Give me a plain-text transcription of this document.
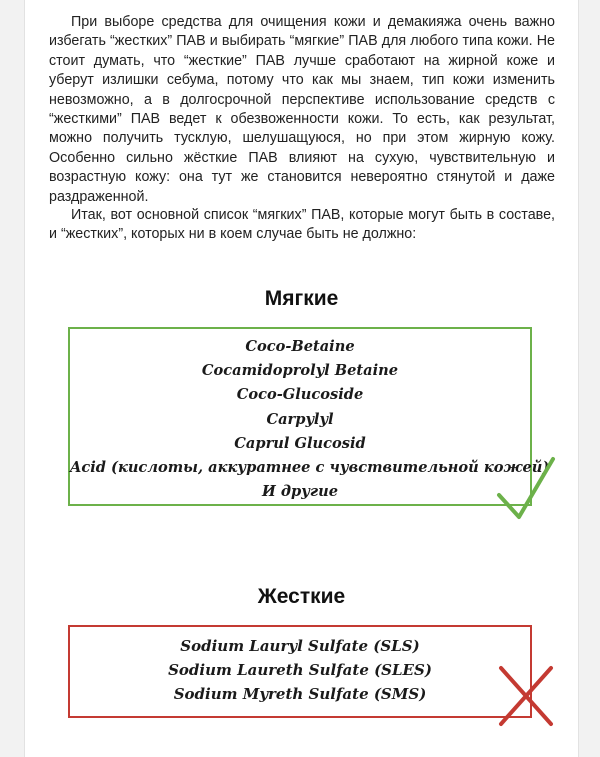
При выборе средства для очищения кожи и демакияжа очень важно избегать “жестких” ПАВ и выбирать “мягкие” ПАВ для любого типа кожи. Не стоит думать, что “жесткие” ПАВ лучше сработают на жирной коже и уберут излишки себума, потому что как мы знаем, тип кожи изменить невозможно, а в долгосрочной перспективе использование средств с “жесткими” ПАВ ведет к обезвоженности кожи. То есть, как результат, можно получить тусклую, шелушащуюся, но при этом жирную кожу. Особенно сильно жёсткие ПАВ влияют на сухую, чувствительную и возрастную кожу: она тут же становится невероятно стянутой и даже раздраженной.

Итак, вот основной список “мягких” ПАВ, которые могут быть в составе, и “жестких”, которых ни в коем случае быть не должно:

Мягкие
Coco-Betaine
Cocamidoprolyl Betaine
Coco-Glucoside
Carpylyl
Caprul Glucosid
Acid (кислоты, аккуратнее с чувствительной кожей)
И другие
Жесткие
Sodium Lauryl Sulfate (SLS)
Sodium Laureth Sulfate (SLES)
Sodium Myreth Sulfate (SMS)
